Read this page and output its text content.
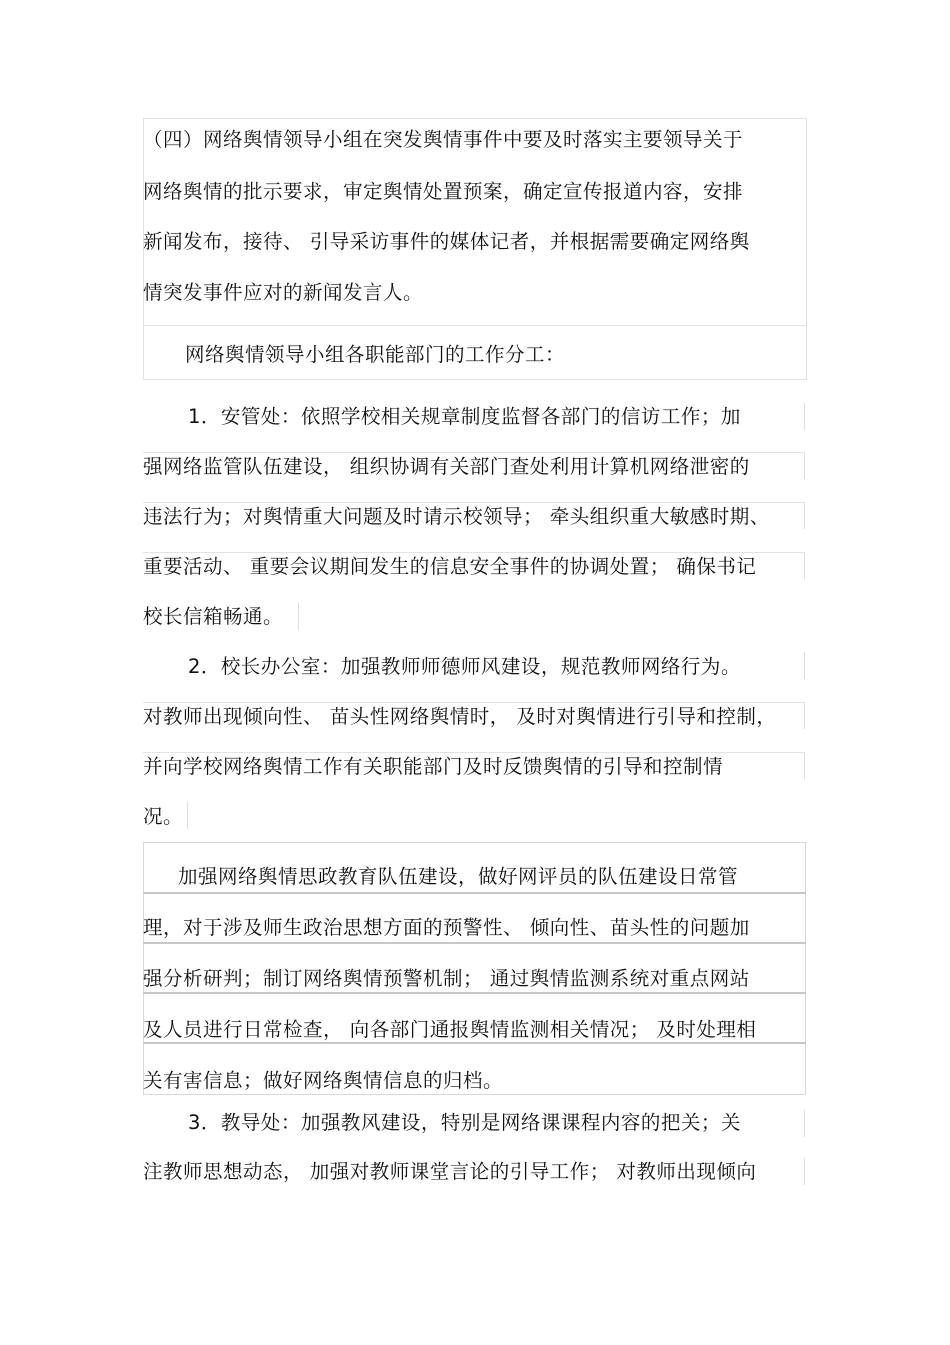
（四）网络舆情领导小组在突发舆情事件中要及时落实主要领导关于
网络舆情的批示要求，审定舆情处置预案，确定宣传报道内容，安排
新闻发布，接待、 引导采访事件的媒体记者，并根据需要确定网络舆
情突发事件应对的新闻发言人。
网络舆情领导小组各职能部门的工作分工：
1．安管处：依照学校相关规章制度监督各部门的信访工作；加
强网络监管队伍建设， 组织协调有关部门查处利用计算机网络泄密的
违法行为；对舆情重大问题及时请示校领导； 牵头组织重大敏感时期、
重要活动、 重要会议期间发生的信息安全事件的协调处置； 确保书记
校长信箱畅通。
2．校长办公室：加强教师师德师风建设，规范教师网络行为。
对教师出现倾向性、 苗头性网络舆情时， 及时对舆情进行引导和控制，
并向学校网络舆情工作有关职能部门及时反馈舆情的引导和控制情
况。
加强网络舆情思政教育队伍建设，做好网评员的队伍建设日常管
理，对于涉及师生政治思想方面的预警性、 倾向性、苗头性的问题加
强分析研判；制订网络舆情预警机制； 通过舆情监测系统对重点网站
及人员进行日常检查， 向各部门通报舆情监测相关情况； 及时处理相
关有害信息；做好网络舆情信息的归档。
3．教导处：加强教风建设，特别是网络课课程内容的把关；关
注教师思想动态， 加强对教师课堂言论的引导工作； 对教师出现倾向
